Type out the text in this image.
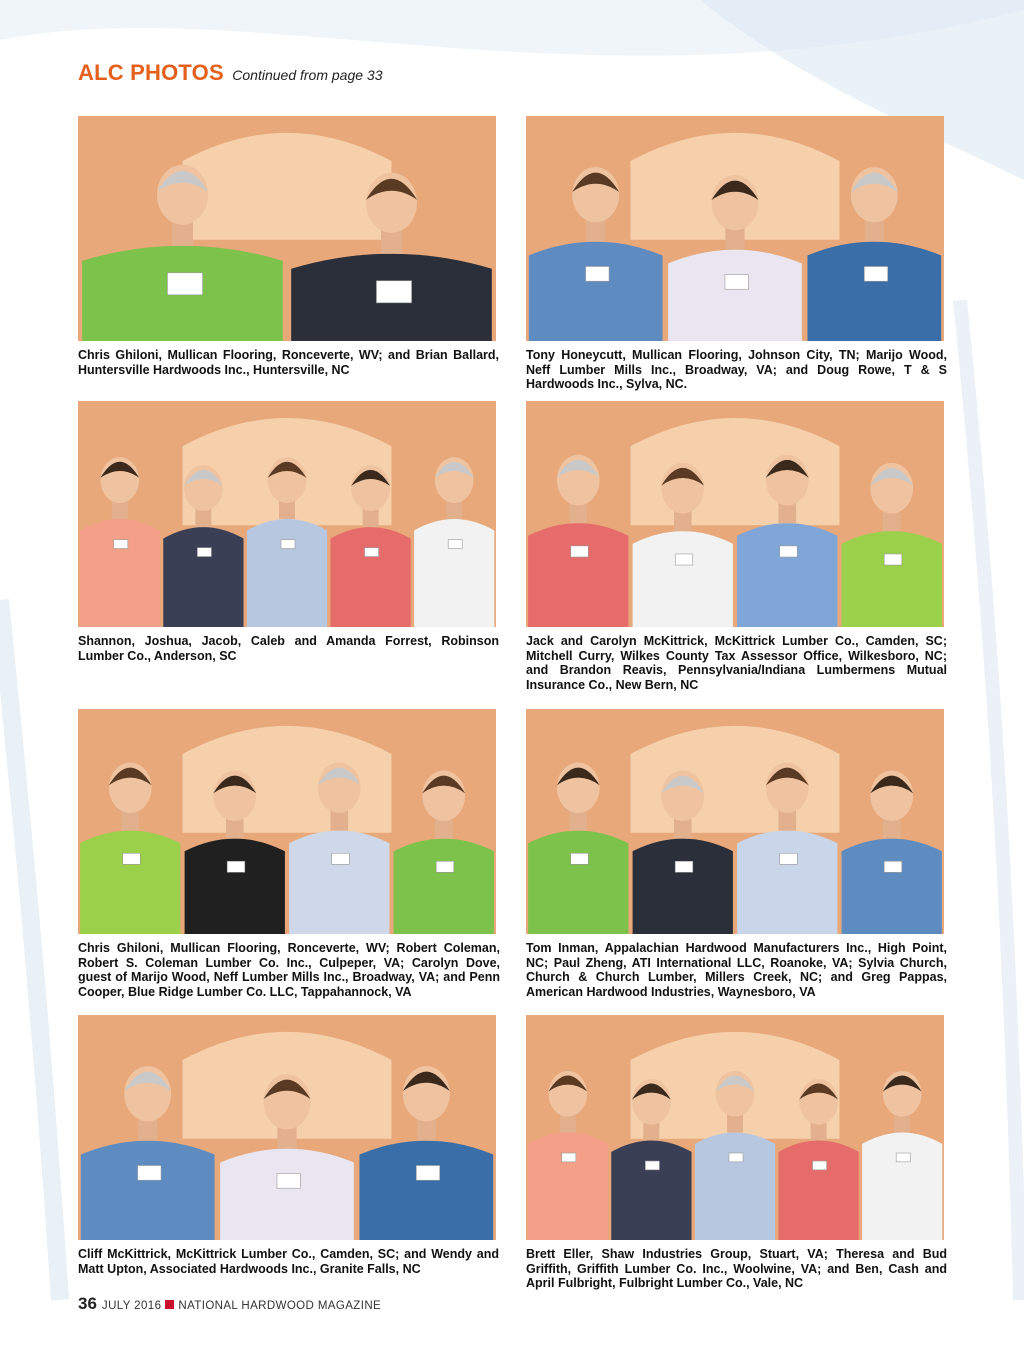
ALC PHOTOS Continued from page 33
Chris Ghiloni, Mullican Flooring, Ronceverte, WV; and Brian Ballard, Huntersville Hardwoods Inc., Huntersville, NC
Tony Honeycutt, Mullican Flooring, Johnson City, TN; Marijo Wood, Neff Lumber Mills Inc., Broadway, VA; and Doug Rowe, T & S Hardwoods Inc., Sylva, NC.
Shannon, Joshua, Jacob, Caleb and Amanda Forrest, Robinson Lumber Co., Anderson, SC
Jack and Carolyn McKittrick, McKittrick Lumber Co., Camden, SC; Mitchell Curry, Wilkes County Tax Assessor Office, Wilkesboro, NC; and Brandon Reavis, Pennsylvania/Indiana Lumbermens Mutual Insurance Co., New Bern, NC
Chris Ghiloni, Mullican Flooring, Ronceverte, WV; Robert Coleman, Robert S. Coleman Lumber Co. Inc., Culpeper, VA; Carolyn Dove, guest of Marijo Wood, Neff Lumber Mills Inc., Broadway, VA; and Penn Cooper, Blue Ridge Lumber Co. LLC, Tappahannock, VA
Tom Inman, Appalachian Hardwood Manufacturers Inc., High Point, NC; Paul Zheng, ATI International LLC, Roanoke, VA; Sylvia Church, Church & Church Lumber, Millers Creek, NC; and Greg Pappas, American Hardwood Industries, Waynesboro, VA
Cliff McKittrick, McKittrick Lumber Co., Camden, SC; and Wendy and Matt Upton, Associated Hardwoods Inc., Granite Falls, NC
Brett Eller, Shaw Industries Group, Stuart, VA; Theresa and Bud Griffith, Griffith Lumber Co. Inc., Woolwine, VA; and Ben, Cash and April Fulbright, Fulbright Lumber Co., Vale, NC
36 JULY 2016 NATIONAL HARDWOOD MAGAZINE
